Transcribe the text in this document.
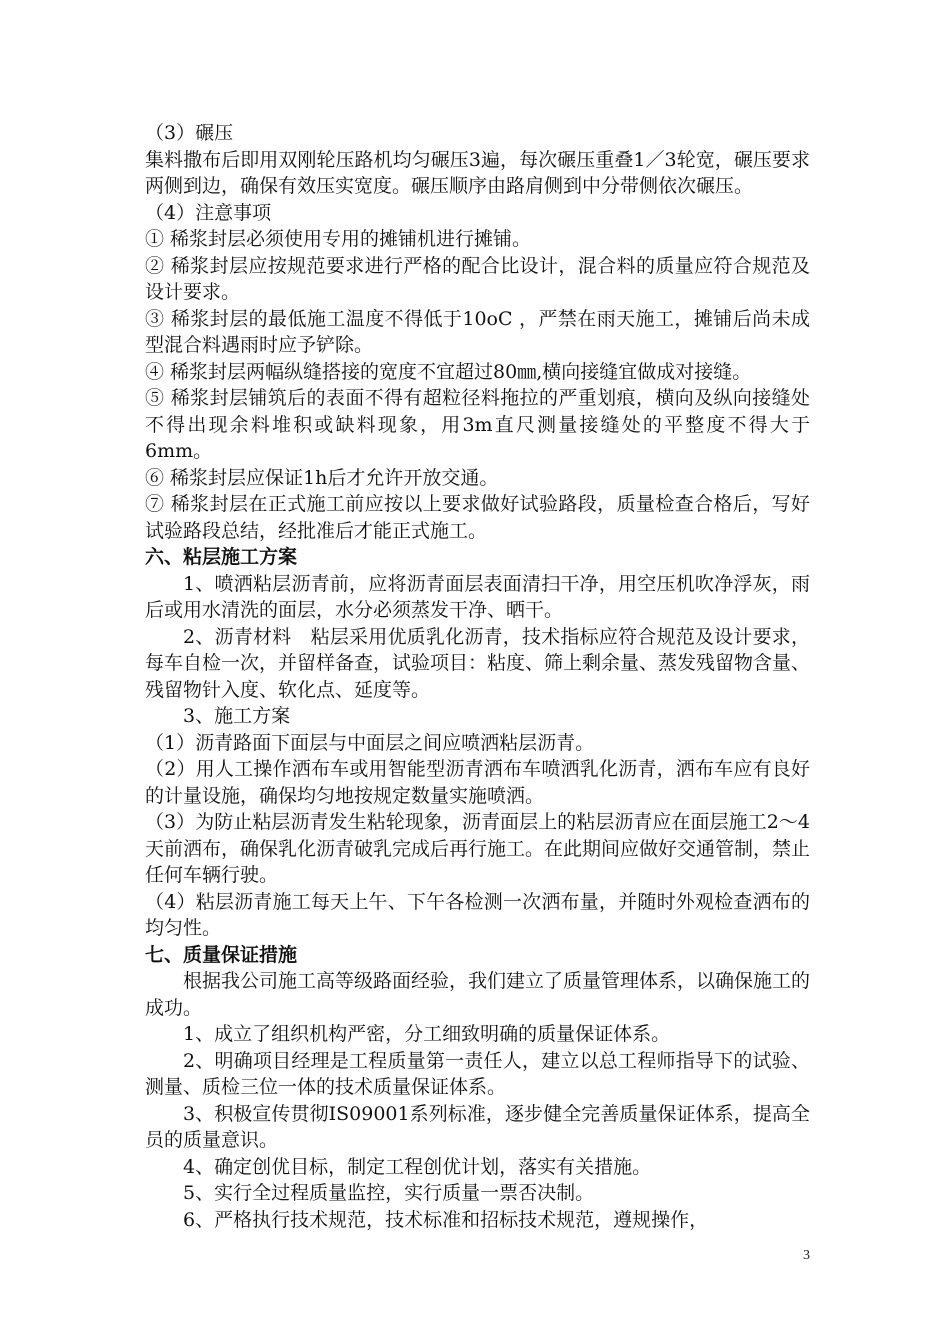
（3）碾压

集料撒布后即用双刚轮压路机均匀碾压3遍，每次碾压重叠1／3轮宽，碾压要求两侧到边，确保有效压实宽度。碾压顺序由路肩侧到中分带侧依次碾压。

（4）注意事项

① 稀浆封层必须使用专用的摊铺机进行摊铺。

② 稀浆封层应按规范要求进行严格的配合比设计，混合料的质量应符合规范及设计要求。

③ 稀浆封层的最低施工温度不得低于10oC ，严禁在雨天施工，摊铺后尚未成型混合料遇雨时应予铲除。

④ 稀浆封层两幅纵缝搭接的宽度不宜超过80㎜,横向接缝宜做成对接缝。

⑤ 稀浆封层铺筑后的表面不得有超粒径料拖拉的严重划痕，横向及纵向接缝处不得出现余料堆积或缺料现象，用3m直尺测量接缝处的平整度不得大于6mm。

⑥ 稀浆封层应保证1h后才允许开放交通。

⑦ 稀浆封层在正式施工前应按以上要求做好试验路段，质量检查合格后，写好试验路段总结，经批准后才能正式施工。

六、粘层施工方案

1、喷洒粘层沥青前，应将沥青面层表面清扫干净，用空压机吹净浮灰，雨后或用水清洗的面层，水分必须蒸发干净、晒干。

2、沥青材料　粘层采用优质乳化沥青，技术指标应符合规范及设计要求，每车自检一次，并留样备查，试验项目：粘度、筛上剩余量、蒸发残留物含量、残留物针入度、软化点、延度等。

3、施工方案

（1）沥青路面下面层与中面层之间应喷洒粘层沥青。

（2）用人工操作洒布车或用智能型沥青洒布车喷洒乳化沥青，洒布车应有良好的计量设施，确保均匀地按规定数量实施喷洒。

（3）为防止粘层沥青发生粘轮现象，沥青面层上的粘层沥青应在面层施工2～4天前洒布，确保乳化沥青破乳完成后再行施工。在此期间应做好交通管制，禁止任何车辆行驶。

（4）粘层沥青施工每天上午、下午各检测一次洒布量，并随时外观检查洒布的均匀性。

七、质量保证措施

根据我公司施工高等级路面经验，我们建立了质量管理体系，以确保施工的成功。

1、成立了组织机构严密，分工细致明确的质量保证体系。

2、明确项目经理是工程质量第一责任人，建立以总工程师指导下的试验、测量、质检三位一体的技术质量保证体系。

3、积极宣传贯彻IS09001系列标准，逐步健全完善质量保证体系，提高全员的质量意识。

4、确定创优目标，制定工程创优计划，落实有关措施。

5、实行全过程质量监控，实行质量一票否决制。

6、严格执行技术规范，技术标准和招标技术规范，遵规操作，

3
